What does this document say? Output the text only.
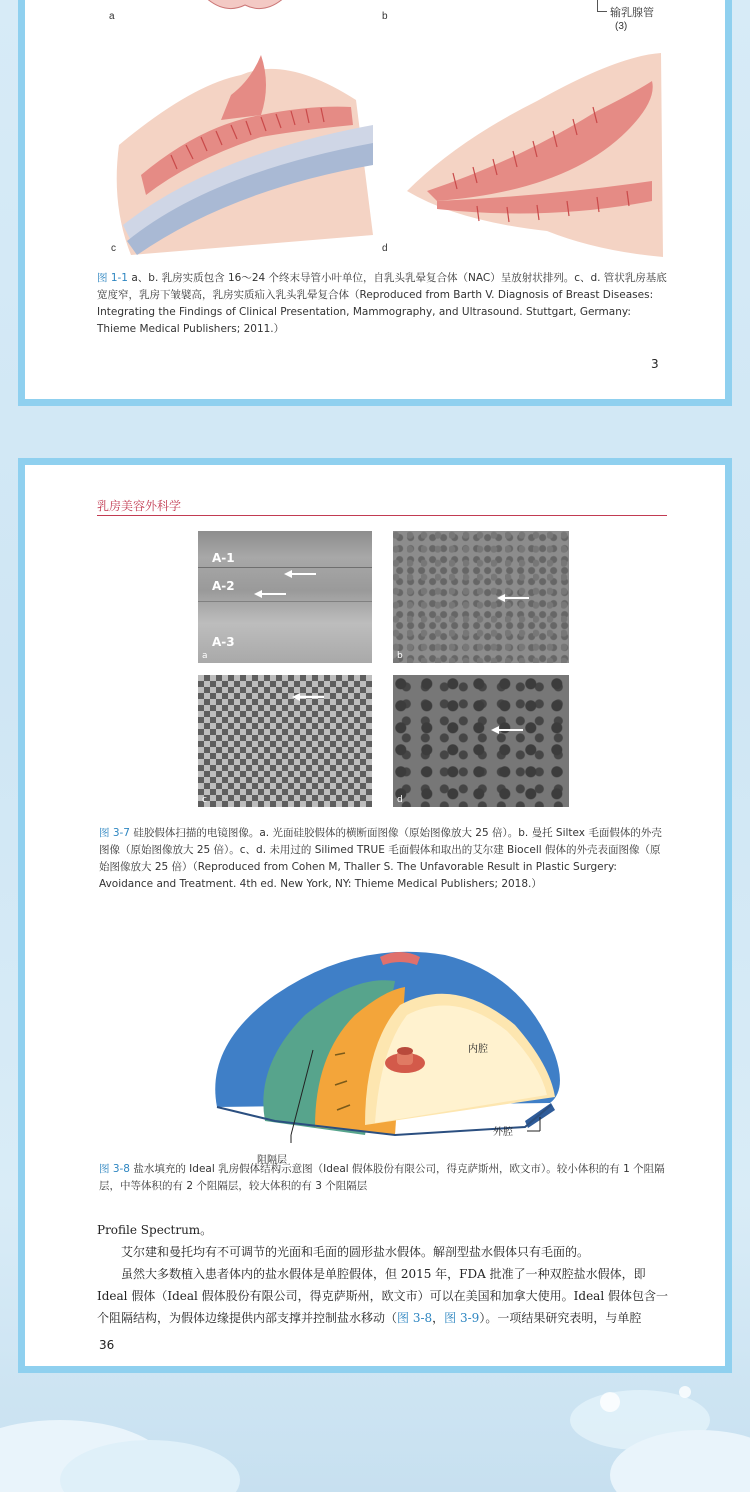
a	b	输乳腺管
(3)
c	d
图 1-1 a、b. 乳房实质包含 16～24 个终末导管小叶单位，自乳头乳晕复合体（NAC）呈放射状排列。c、d. 管状乳房基底宽度窄，乳房下皱襞高，乳房实质疝入乳头乳晕复合体（Reproduced from Barth V. Diagnosis of Breast Diseases: Integrating the Findings of Clinical Presentation, Mammography, and Ultrasound. Stuttgart, Germany: Thieme Medical Publishers; 2011.）
3
乳房美容外科学
A-1
A-2
A-3
a	b
c	d
图 3-7 硅胶假体扫描的电镜图像。a. 光面硅胶假体的横断面图像（原始图像放大 25 倍）。b. 曼托 Siltex 毛面假体的外壳图像（原始图像放大 25 倍）。c、d. 未用过的 Silimed TRUE 毛面假体和取出的艾尔建 Biocell 假体的外壳表面图像（原始图像放大 25 倍）（Reproduced from Cohen M, Thaller S. The Unfavorable Result in Plastic Surgery: Avoidance and Treatment. 4th ed. New York, NY: Thieme Medical Publishers; 2018.）
内腔
外腔
阻隔层
图 3-8 盐水填充的 Ideal 乳房假体结构示意图（Ideal 假体股份有限公司，得克萨斯州，欧文市）。较小体积的有 1 个阻隔层，中等体积的有 2 个阻隔层，较大体积的有 3 个阻隔层

Profile Spectrum。

艾尔建和曼托均有不可调节的光面和毛面的圆形盐水假体。解剖型盐水假体只有毛面的。

虽然大多数植入患者体内的盐水假体是单腔假体，但 2015 年，FDA 批准了一种双腔盐水假体，即 Ideal 假体（Ideal 假体股份有限公司，得克萨斯州，欧文市）可以在美国和加拿大使用。Ideal 假体包含一个阻隔结构，为假体边缘提供内部支撑并控制盐水移动（图 3-8，图 3-9）。一项结果研究表明，与单腔

36
